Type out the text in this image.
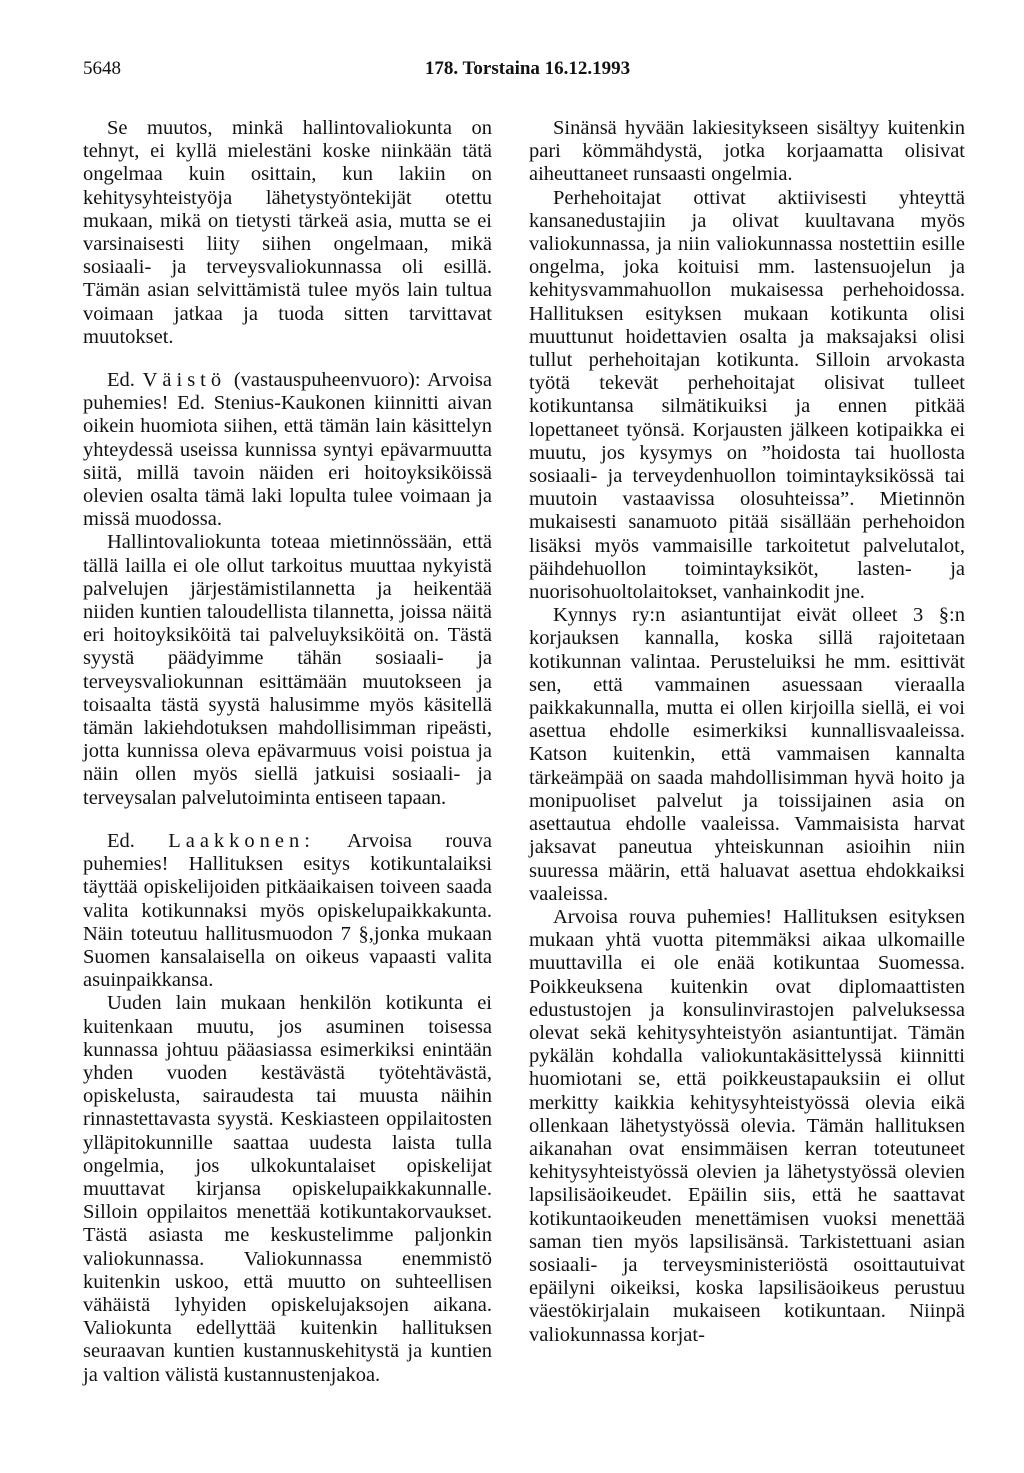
5648	178. Torstaina 16.12.1993

Se muutos, minkä hallintovaliokunta on tehnyt, ei kyllä mielestäni koske niinkään tätä ongelmaa kuin osittain, kun lakiin on kehitysyhteistyöja lähetystyöntekijät otettu mukaan, mikä on tietysti tärkeä asia, mutta se ei varsinaisesti liity siihen ongelmaan, mikä sosiaali- ja terveysvaliokunnassa oli esillä. Tämän asian selvittämistä tulee myös lain tultua voimaan jatkaa ja tuoda sitten tarvittavat muutokset.

Ed. Väistö (vastauspuheenvuoro): Arvoisa puhemies! Ed. Stenius-Kaukonen kiinnitti aivan oikein huomiota siihen, että tämän lain käsittelyn yhteydessä useissa kunnissa syntyi epävarmuutta siitä, millä tavoin näiden eri hoitoyksiköissä olevien osalta tämä laki lopulta tulee voimaan ja missä muodossa.

Hallintovaliokunta toteaa mietinnössään, että tällä lailla ei ole ollut tarkoitus muuttaa nykyistä palvelujen järjestämistilannetta ja heikentää niiden kuntien taloudellista tilannetta, joissa näitä eri hoitoyksiköitä tai palveluyksiköitä on. Tästä syystä päädyimme tähän sosiaali- ja terveysvaliokunnan esittämään muutokseen ja toisaalta tästä syystä halusimme myös käsitellä tämän lakiehdotuksen mahdollisimman ripeästi, jotta kunnissa oleva epävarmuus voisi poistua ja näin ollen myös siellä jatkuisi sosiaali- ja terveysalan palvelutoiminta entiseen tapaan.

Ed. Laakkonen: Arvoisa rouva puhemies! Hallituksen esitys kotikuntalaiksi täyttää opiskelijoiden pitkäaikaisen toiveen saada valita kotikunnaksi myös opiskelupaikkakunta. Näin toteutuu hallitusmuodon 7 §,jonka mukaan Suomen kansalaisella on oikeus vapaasti valita asuinpaikkansa.

Uuden lain mukaan henkilön kotikunta ei kuitenkaan muutu, jos asuminen toisessa kunnassa johtuu pääasiassa esimerkiksi enintään yhden vuoden kestävästä työtehtävästä, opiskelusta, sairaudesta tai muusta näihin rinnastettavasta syystä. Keskiasteen oppilaitosten ylläpitokunnille saattaa uudesta laista tulla ongelmia, jos ulkokuntalaiset opiskelijat muuttavat kirjansa opiskelupaikkakunnalle. Silloin oppilaitos menettää kotikuntakorvaukset. Tästä asiasta me keskustelimme paljonkin valiokunnassa. Valiokunnassa enemmistö kuitenkin uskoo, että muutto on suhteellisen vähäistä lyhyiden opiskelujaksojen aikana. Valiokunta edellyttää kuitenkin hallituksen seuraavan kuntien kustannuskehitystä ja kuntien ja valtion välistä kustannustenjakoa.

Sinänsä hyvään lakiesitykseen sisältyy kuitenkin pari kömmähdystä, jotka korjaamatta olisivat aiheuttaneet runsaasti ongelmia.

Perhehoitajat ottivat aktiivisesti yhteyttä kansanedustajiin ja olivat kuultavana myös valiokunnassa, ja niin valiokunnassa nostettiin esille ongelma, joka koituisi mm. lastensuojelun ja kehitysvammahuollon mukaisessa perhehoidossa. Hallituksen esityksen mukaan kotikunta olisi muuttunut hoidettavien osalta ja maksajaksi olisi tullut perhehoitajan kotikunta. Silloin arvokasta työtä tekevät perhehoitajat olisivat tulleet kotikuntansa silmätikuiksi ja ennen pitkää lopettaneet työnsä. Korjausten jälkeen kotipaikka ei muutu, jos kysymys on ”hoidosta tai huollosta sosiaali- ja terveydenhuollon toimintayksikössä tai muutoin vastaavissa olosuhteissa”. Mietinnön mukaisesti sanamuoto pitää sisällään perhehoidon lisäksi myös vammaisille tarkoitetut palvelutalot, päihdehuollon toimintayksiköt, lasten- ja nuorisohuoltolaitokset, vanhainkodit jne.

Kynnys ry:n asiantuntijat eivät olleet 3 §:n korjauksen kannalla, koska sillä rajoitetaan kotikunnan valintaa. Perusteluiksi he mm. esittivät sen, että vammainen asuessaan vieraalla paikkakunnalla, mutta ei ollen kirjoilla siellä, ei voi asettua ehdolle esimerkiksi kunnallisvaaleissa. Katson kuitenkin, että vammaisen kannalta tärkeämpää on saada mahdollisimman hyvä hoito ja monipuoliset palvelut ja toissijainen asia on asettautua ehdolle vaaleissa. Vammaisista harvat jaksavat paneutua yhteiskunnan asioihin niin suuressa määrin, että haluavat asettua ehdokkaiksi vaaleissa.

Arvoisa rouva puhemies! Hallituksen esityksen mukaan yhtä vuotta pitemmäksi aikaa ulkomaille muuttavilla ei ole enää kotikuntaa Suomessa. Poikkeuksena kuitenkin ovat diplomaattisten edustustojen ja konsulinvirastojen palveluksessa olevat sekä kehitysyhteistyön asiantuntijat. Tämän pykälän kohdalla valiokuntakäsittelyssä kiinnitti huomiotani se, että poikkeustapauksiin ei ollut merkitty kaikkia kehitysyhteistyössä olevia eikä ollenkaan lähetystyössä olevia. Tämän hallituksen aikanahan ovat ensimmäisen kerran toteutuneet kehitysyhteistyössä olevien ja lähetystyössä olevien lapsilisäoikeudet. Epäilin siis, että he saattavat kotikuntaoikeuden menettämisen vuoksi menettää saman tien myös lapsilisänsä. Tarkistettuani asian sosiaali- ja terveysministeriöstä osoittautuivat epäilyni oikeiksi, koska lapsilisäoikeus perustuu väestökirjalain mukaiseen kotikuntaan. Niinpä valiokunnassa korjat-
